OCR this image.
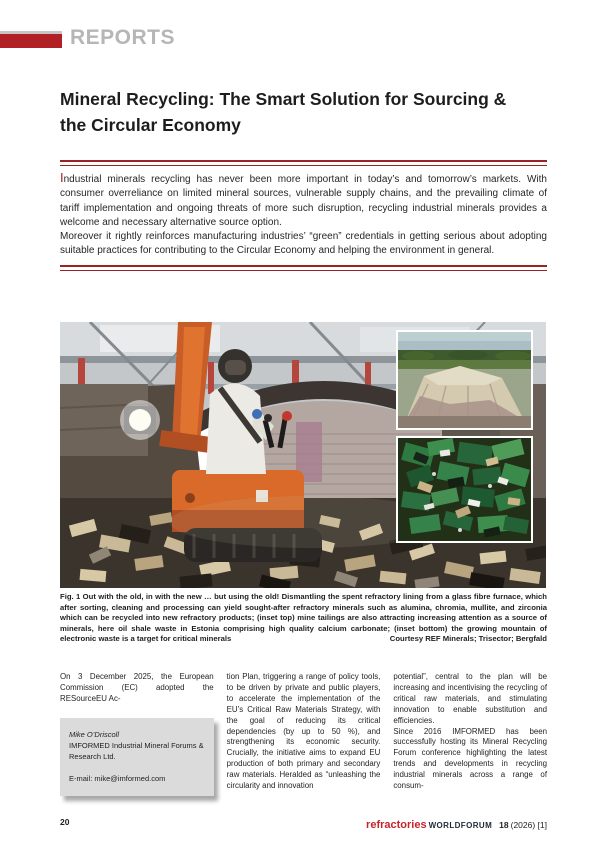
REPORTS
Mineral Recycling: The Smart Solution for Sourcing & the Circular Economy

Industrial minerals recycling has never been more important in today’s and tomorrow’s markets. With consumer overreliance on limited mineral sources, vulnerable supply chains, and the prevailing climate of tariff implementation and ongoing threats of more such disruption, recycling industrial minerals provides a welcome and necessary alternative source option.

Moreover it rightly reinforces manufacturing industries’ “green” credentials in getting serious about adopting suitable practices for contributing to the Circular Economy and helping the environment in general.

Fig. 1 Out with the old, in with the new … but using the old! Dismantling the spent refractory lining from a glass fibre furnace, which after sorting, cleaning and processing can yield sought-after refractory minerals such as alumina, chromia, mullite, and zirconia which can be recycled into new refractory products; (inset top) mine tailings are also attracting increasing attention as a source of minerals, here oil shale waste in Estonia comprising high quality calcium carbonate; (inset bottom) the growing mountain of electronic waste is a target for critical minerals	Courtesy REF Minerals; Trisector; Bergfald

On 3 December 2025, the European Commission (EC) adopted the RESourceEU Ac-

Mike O’Driscoll
IMFORMED Industrial Mineral Forums & Research Ltd.
E-mail: mike@imformed.com

tion Plan, triggering a range of policy tools, to be driven by private and public players, to accelerate the implementation of the EU’s Critical Raw Materials Strategy, with the goal of reducing its critical dependencies (by up to 50 %), and strengthening its economic security. Crucially, the initiative aims to expand EU production of both primary and secondary raw materials. Heralded as “unleashing the circularity and innovation

potential”, central to the plan will be increasing and incentivising the recycling of critical raw materials, and stimulating innovation to enable substitution and efficiencies.

Since 2016 IMFORMED has been successfully hosting its Mineral Recycling Forum conference highlighting the latest trends and developments in recycling industrial minerals across a range of consum-

20	refractories WORLDFORUM 18 (2026) [1]
